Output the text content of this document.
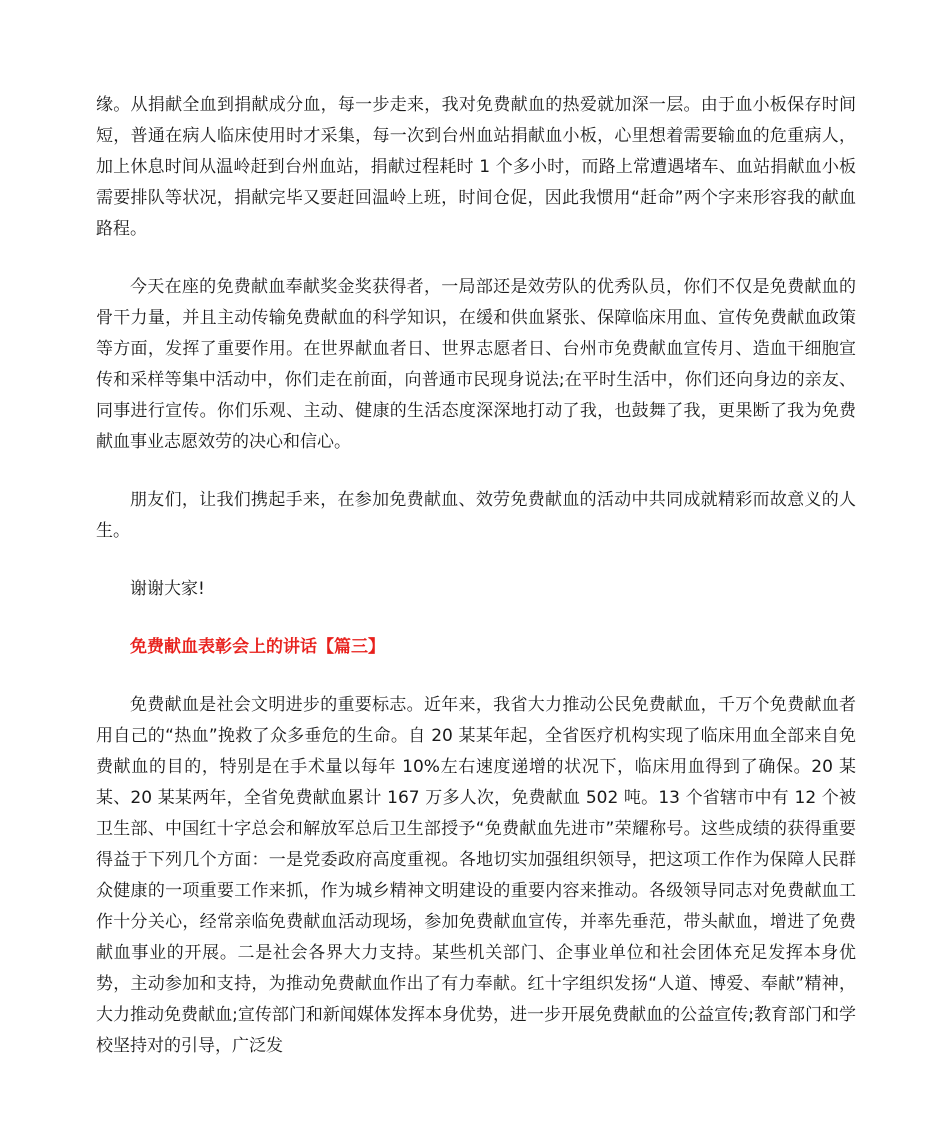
缘。从捐献全血到捐献成分血，每一步走来，我对免费献血的热爱就加深一层。由于血小板保存时间短，普通在病人临床使用时才采集，每一次到台州血站捐献血小板，心里想着需要输血的危重病人，加上休息时间从温岭赶到台州血站，捐献过程耗时 1 个多小时，而路上常遭遇堵车、血站捐献血小板需要排队等状况，捐献完毕又要赶回温岭上班，时间仓促，因此我惯用“赶命”两个字来形容我的献血路程。

今天在座的免费献血奉献奖金奖获得者，一局部还是效劳队的优秀队员，你们不仅是免费献血的骨干力量，并且主动传输免费献血的科学知识，在缓和供血紧张、保障临床用血、宣传免费献血政策等方面，发挥了重要作用。在世界献血者日、世界志愿者日、台州市免费献血宣传月、造血干细胞宣传和采样等集中活动中，你们走在前面，向普通市民现身说法;在平时生活中，你们还向身边的亲友、同事进行宣传。你们乐观、主动、健康的生活态度深深地打动了我，也鼓舞了我，更果断了我为免费献血事业志愿效劳的决心和信心。

朋友们，让我们携起手来，在参加免费献血、效劳免费献血的活动中共同成就精彩而故意义的人生。

谢谢大家!

免费献血表彰会上的讲话【篇三】

免费献血是社会文明进步的重要标志。近年来，我省大力推动公民免费献血，千万个免费献血者用自己的“热血”挽救了众多垂危的生命。自 20 某某年起，全省医疗机构实现了临床用血全部来自免费献血的目的，特别是在手术量以每年 10%左右速度递增的状况下，临床用血得到了确保。20 某某、20 某某两年，全省免费献血累计 167 万多人次，免费献血 502 吨。13 个省辖市中有 12 个被卫生部、中国红十字总会和解放军总后卫生部授予“免费献血先进市”荣耀称号。这些成绩的获得重要得益于下列几个方面：一是党委政府高度重视。各地切实加强组织领导，把这项工作作为保障人民群众健康的一项重要工作来抓，作为城乡精神文明建设的重要内容来推动。各级领导同志对免费献血工作十分关心，经常亲临免费献血活动现场，参加免费献血宣传，并率先垂范，带头献血，增进了免费献血事业的开展。二是社会各界大力支持。某些机关部门、企事业单位和社会团体充足发挥本身优势，主动参加和支持，为推动免费献血作出了有力奉献。红十字组织发扬“人道、博爱、奉献”精神，大力推动免费献血;宣传部门和新闻媒体发挥本身优势，进一步开展免费献血的公益宣传;教育部门和学校坚持对的引导，广泛发
